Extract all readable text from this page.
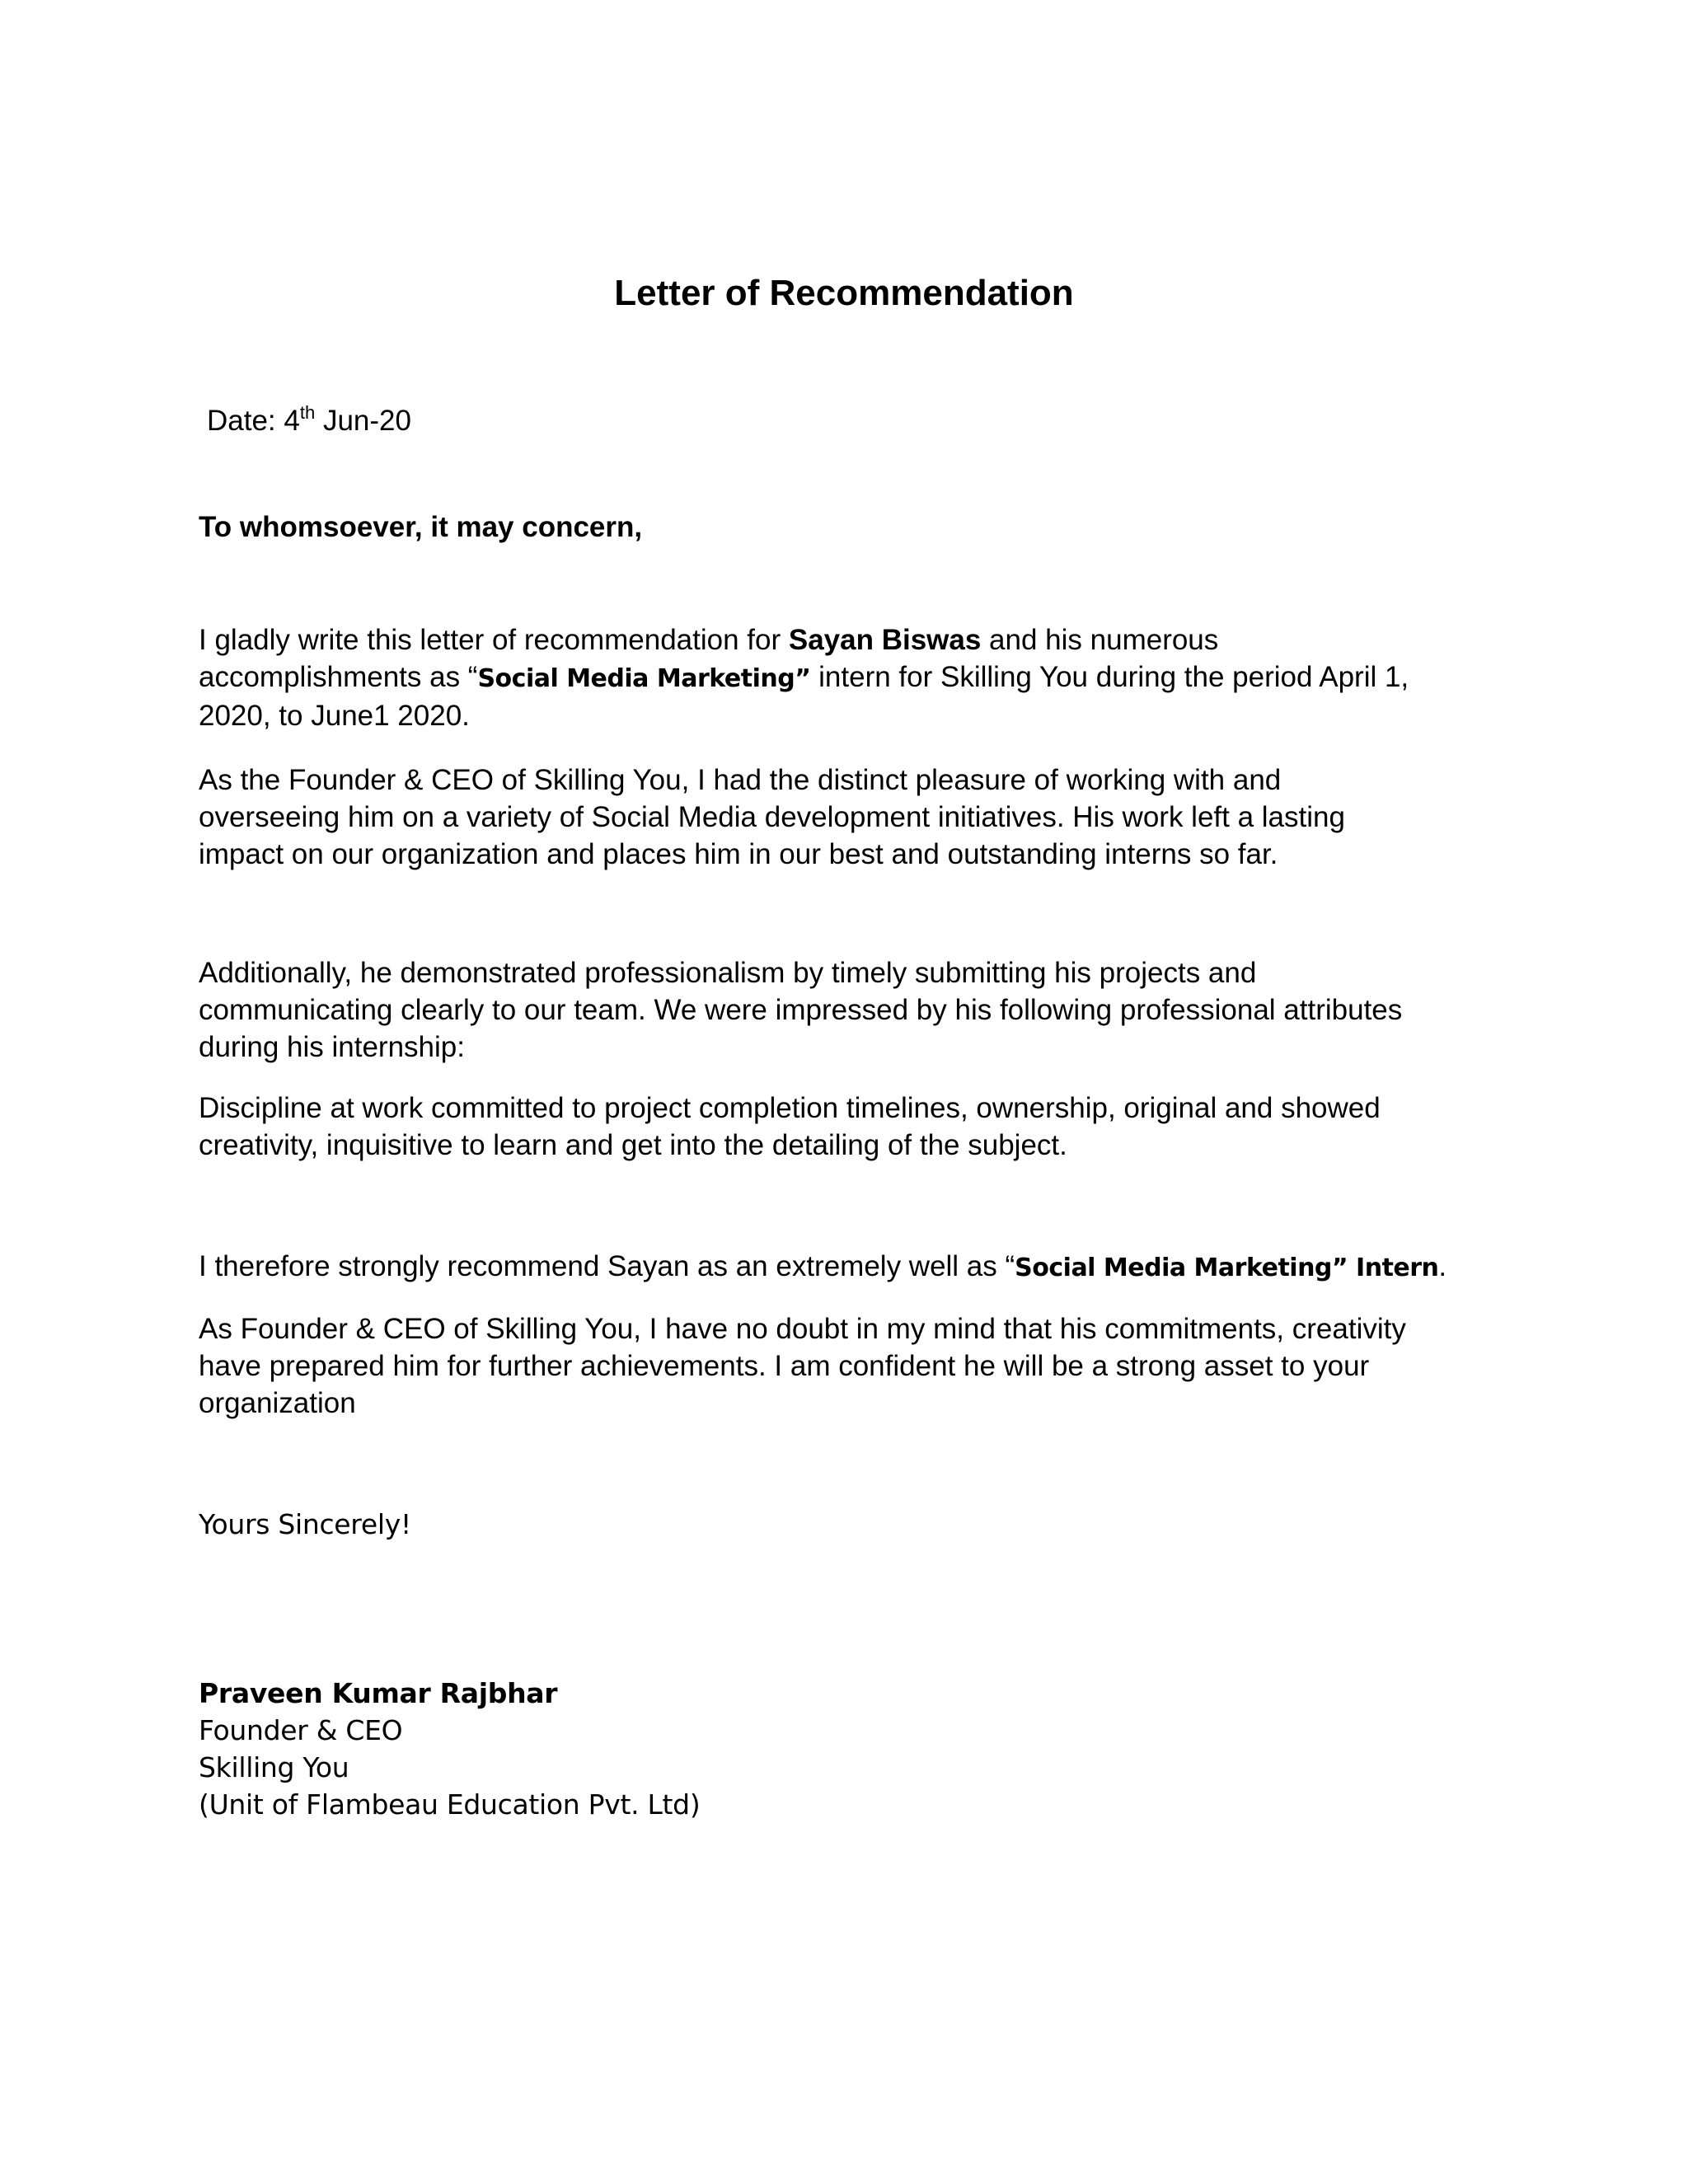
Letter of Recommendation
Date: 4th Jun-20
To whomsoever, it may concern,
I gladly write this letter of recommendation for Sayan Biswas and his numerous
accomplishments as “Social Media Marketing” intern for Skilling You during the period April 1,
2020, to June1 2020.
As the Founder & CEO of Skilling You, I had the distinct pleasure of working with and
overseeing him on a variety of Social Media development initiatives. His work left a lasting
impact on our organization and places him in our best and outstanding interns so far.
Additionally, he demonstrated professionalism by timely submitting his projects and
communicating clearly to our team. We were impressed by his following professional attributes
during his internship:
Discipline at work committed to project completion timelines, ownership, original and showed
creativity, inquisitive to learn and get into the detailing of the subject.
I therefore strongly recommend Sayan as an extremely well as “Social Media Marketing” Intern.
As Founder & CEO of Skilling You, I have no doubt in my mind that his commitments, creativity
have prepared him for further achievements. I am confident he will be a strong asset to your
organization
Yours Sincerely!
Praveen Kumar Rajbhar
Founder & CEO
Skilling You
(Unit of Flambeau Education Pvt. Ltd)
